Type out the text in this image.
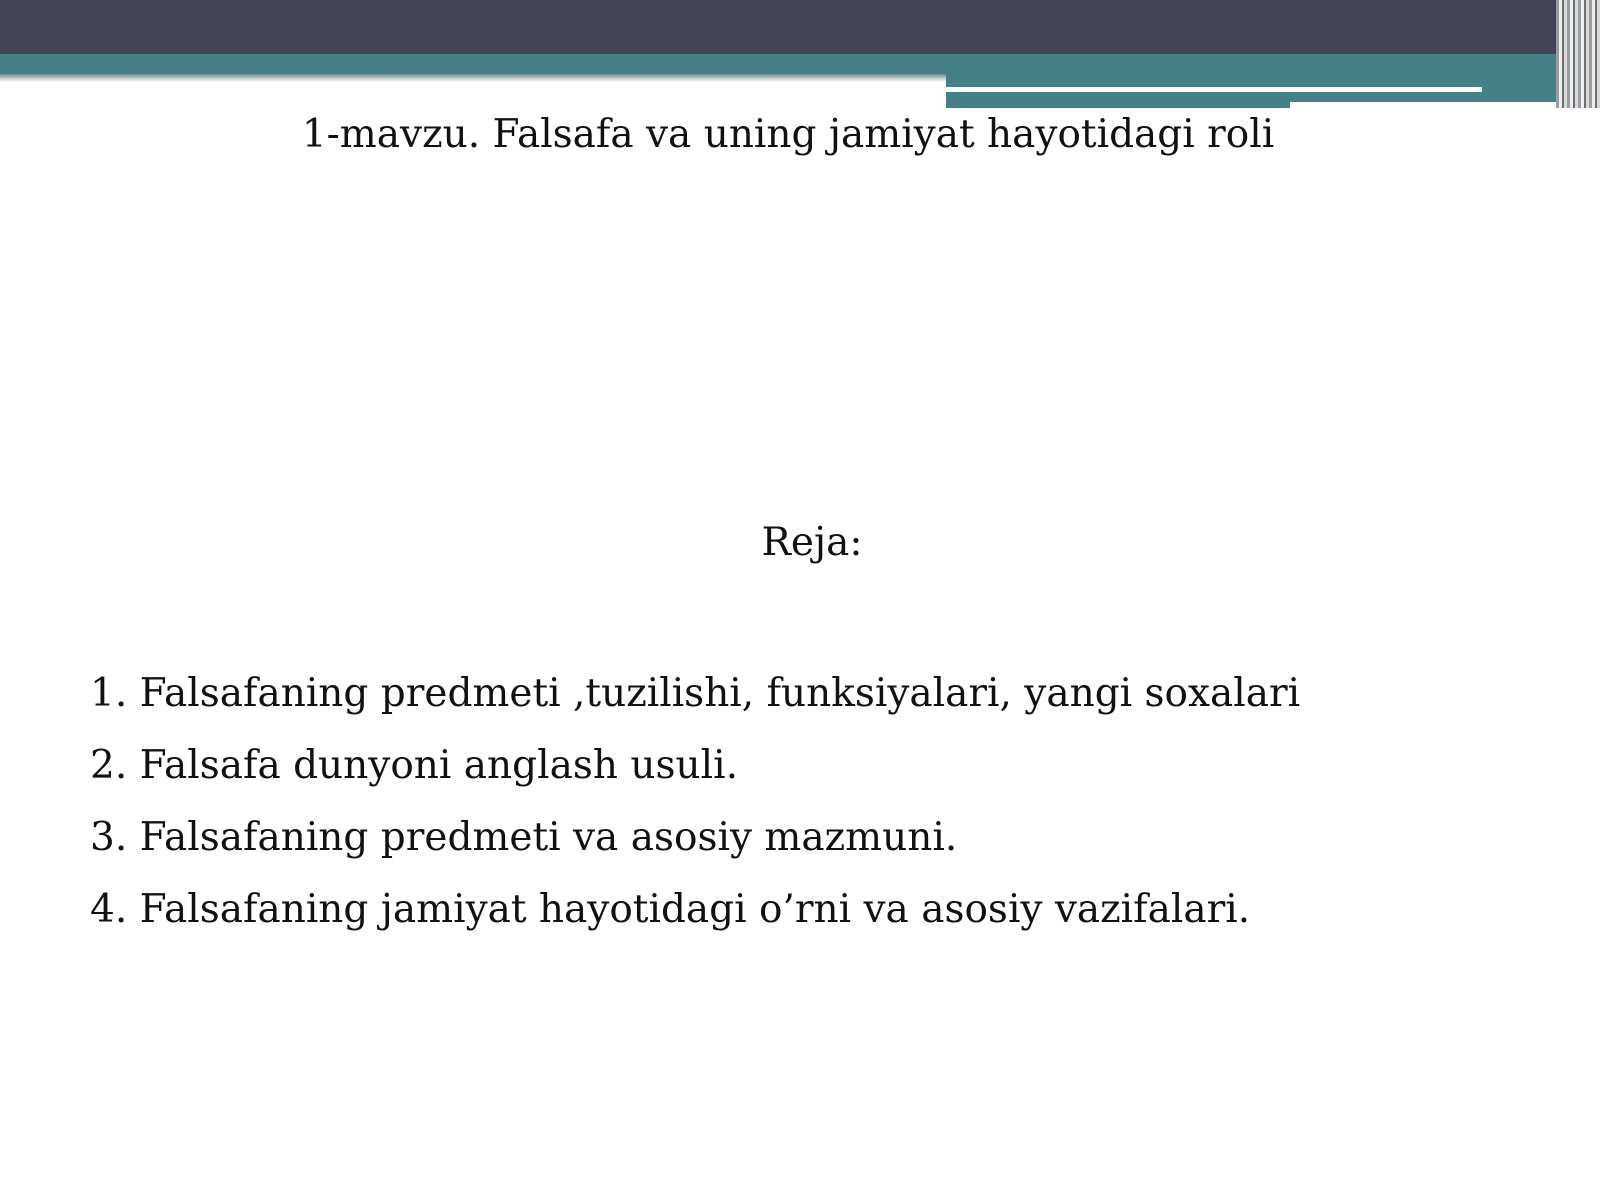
1-mavzu. Falsafa va uning jamiyat hayotidagi roli
Reja:
1. Falsafaning predmeti ,tuzilishi, funksiyalari, yangi soxalari
2. Falsafa dunyoni anglash usuli.
3. Falsafaning predmeti va asosiy mazmuni.
4. Falsafaning jamiyat hayotidagi o’rni va asosiy vazifalari.
